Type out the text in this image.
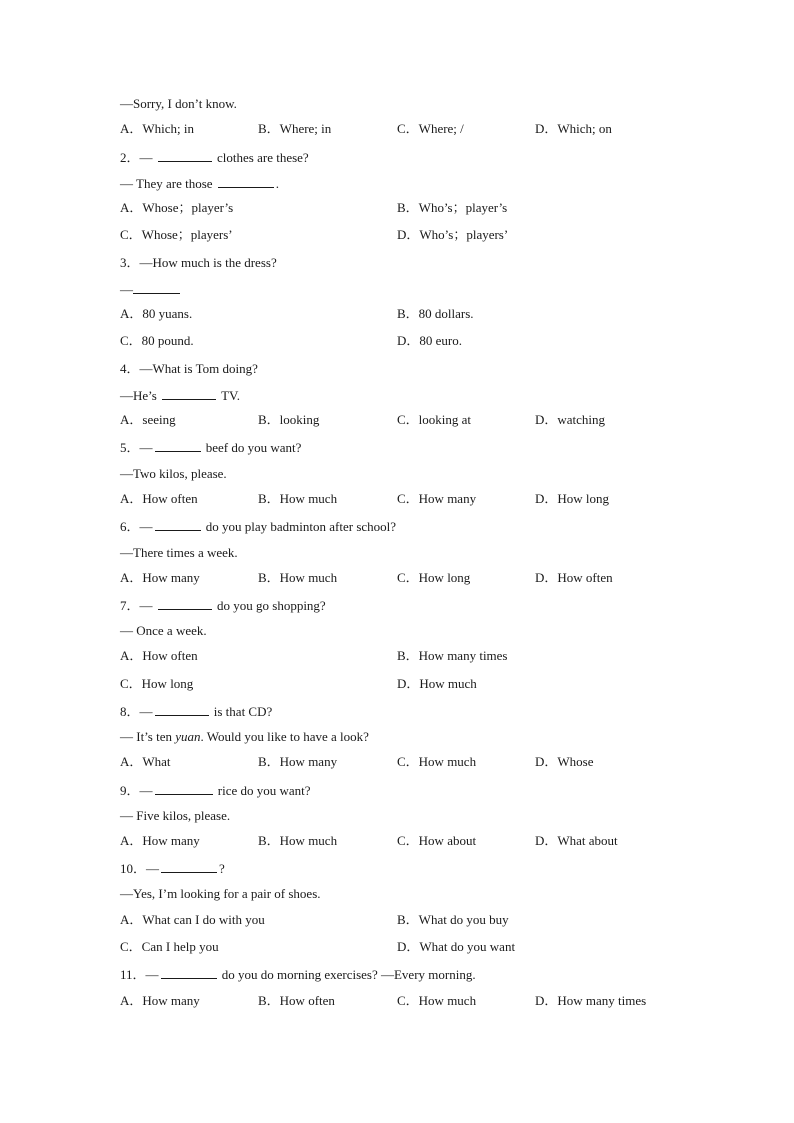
—Sorry, I don’t know.
A．Which; in	B．Where; in	C．Where; /	D．Which; on
2．—	clothes are these?
— They are those	.
A．Whose；player’s	B．Who’s；player’s
C．Whose；players’	D．Who’s；players’
3．—How much is the dress?
—
A．80 yuans.	B．80 dollars.
C．80 pound.	D．80 euro.
4．—What is Tom doing?
—He’s	TV.
A．seeing	B．looking	C．looking at	D．watching
5．—	beef do you want?
—Two kilos, please.
A．How often	B．How much	C．How many	D．How long
6．—	do you play badminton after school?
—There times a week.
A．How many	B．How much	C．How long	D．How often
7．—	do you go shopping?
— Once a week.
A．How often	B．How many times
C．How long	D．How much
8．—	is that CD?
— It’s ten yuan. Would you like to have a look?
A．What	B．How many	C．How much	D．Whose
9．—	rice do you want?
— Five kilos, please.
A．How many	B．How much	C．How about	D．What about
10．—	?
—Yes, I’m looking for a pair of shoes.
A．What can I do with you	B．What do you buy
C．Can I help you	D．What do you want
11．—	do you do morning exercises? —Every morning.
A．How many	B．How often	C．How much	D．How many times
